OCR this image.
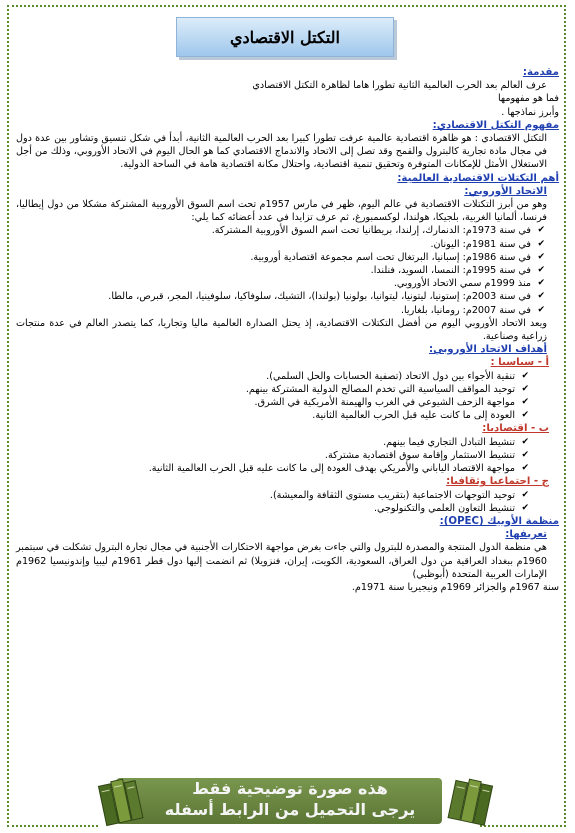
التكتل الاقتصادي
مقدمة:

عرف العالم بعد الحرب العالمية الثانية تطورا هاما لظاهرة التكتل الاقتصادي

فما هو مفهومها

وأبرز نماذجها .

مفهوم التكتل الاقتصادي:

التكتل الاقتصادي : هو ظاهرة اقتصادية عالمية عرفت تطورا كبيرا بعد الحرب العالمية الثانية، أبدأ في شكل تنسيق وتشاور بين عدة دول في مجال مادة تجارية كالبترول والقمح وقد تصل إلى الاتحاد والاندماج الاقتصادي كما هو الحال اليوم في الاتحاد الأوروبي، وذلك من أجل الاستغلال الأمثل للإمكانات المتوفرة وتحقيق تنمية اقتصادية، واحتلال مكانة اقتصادية هامة في الساحة الدولية.

أهم التكتلات الاقتصادية العالمية:
الاتحاد الأوروبي:

وهو من أبرز التكتلات الاقتصادية في عالم اليوم، ظهر في مارس 1957م تحت اسم السوق الأوروبية المشتركة مشكلا من دول إيطاليا، فرنسا، ألمانيا الغربية، بلجيكا، هولندا، لوكسمبورغ، ثم عرف تزايدا في عدد أعضائه كما يلي:

✔
في سنة 1973م: الدنمارك، إرلندا، بريطانيا تحت اسم السوق الأوروبية المشتركة.
✔
في سنة 1981م: اليونان.
✔
في سنة 1986م: إسبانيا، البرتغال تحت اسم مجموعة اقتصادية أوروبية.
✔
في سنة 1995م: النمسا، السويد، فنلندا.
✔
منذ 1999م سمي الاتحاد الأوروبي.
✔
في سنة 2003م: إستونيا، ليتونيا، ليتوانيا، بولونيا (بولندا)، التشيك، سلوفاكيا، سلوفينيا، المجر، قبرص، مالطا.
✔
في سنة 2007م: رومانيا، بلغاريا.

ويعد الاتحاد الأوروبي اليوم من أفضل التكتلات الاقتصادية، إذ يحتل الصدارة العالمية ماليا وتجاريا، كما يتصدر العالم في عدة منتجات زراعية وصناعية.

أهداف الاتحاد الأوروبي:
أ - سياسيا :
✔
تنقية الأجواء بين دول الاتحاد (تصفية الحسابات والحل السلمي).
✔
توحيد المواقف السياسية التي تخدم المصالح الدولية المشتركة بينهم.
✔
مواجهة الزحف الشيوعي في الغرب والهيمنة الأمريكية في الشرق.
✔
العودة إلى ما كانت عليه قبل الحرب العالمية الثانية.
ب - اقتصاديا:
✔
تنشيط التبادل التجاري فيما بينهم.
✔
تنشيط الاستثمار وإقامة سوق اقتصادية مشتركة.
✔
مواجهة الاقتصاد الياباني والأمريكي بهدف العودة إلى ما كانت عليه قبل الحرب العالمية الثانية.
ج - اجتماعيا وثقافيا:
✔
توحيد التوجهات الاجتماعية (بتقريب مستوى الثقافة والمعيشة).
✔
تنشيط التعاون العلمي والتكنولوجي.
منظمة الأوبيك (OPEC):
تعريفها:

هي منظمة الدول المنتجة والمصدرة للبترول والتي جاءت بغرض مواجهة الاحتكارات الأجنبية في مجال تجارة البترول تشكلت في سبتمبر 1960م ببغداد العراقية من دول العراق، السعودية، الكويت، إيران، فنزويلا) ثم انضمت إليها دول قطر 1961م ليبيا وإندونيسيا 1962م الإمارات العربية المتحدة (أبوظبي)

سنة 1967م والجزائر 1969م ونيجيريا سنة 1971م.

هذه صورة توضيحية فقط
يرجى التحميل من الرابط أسفله
